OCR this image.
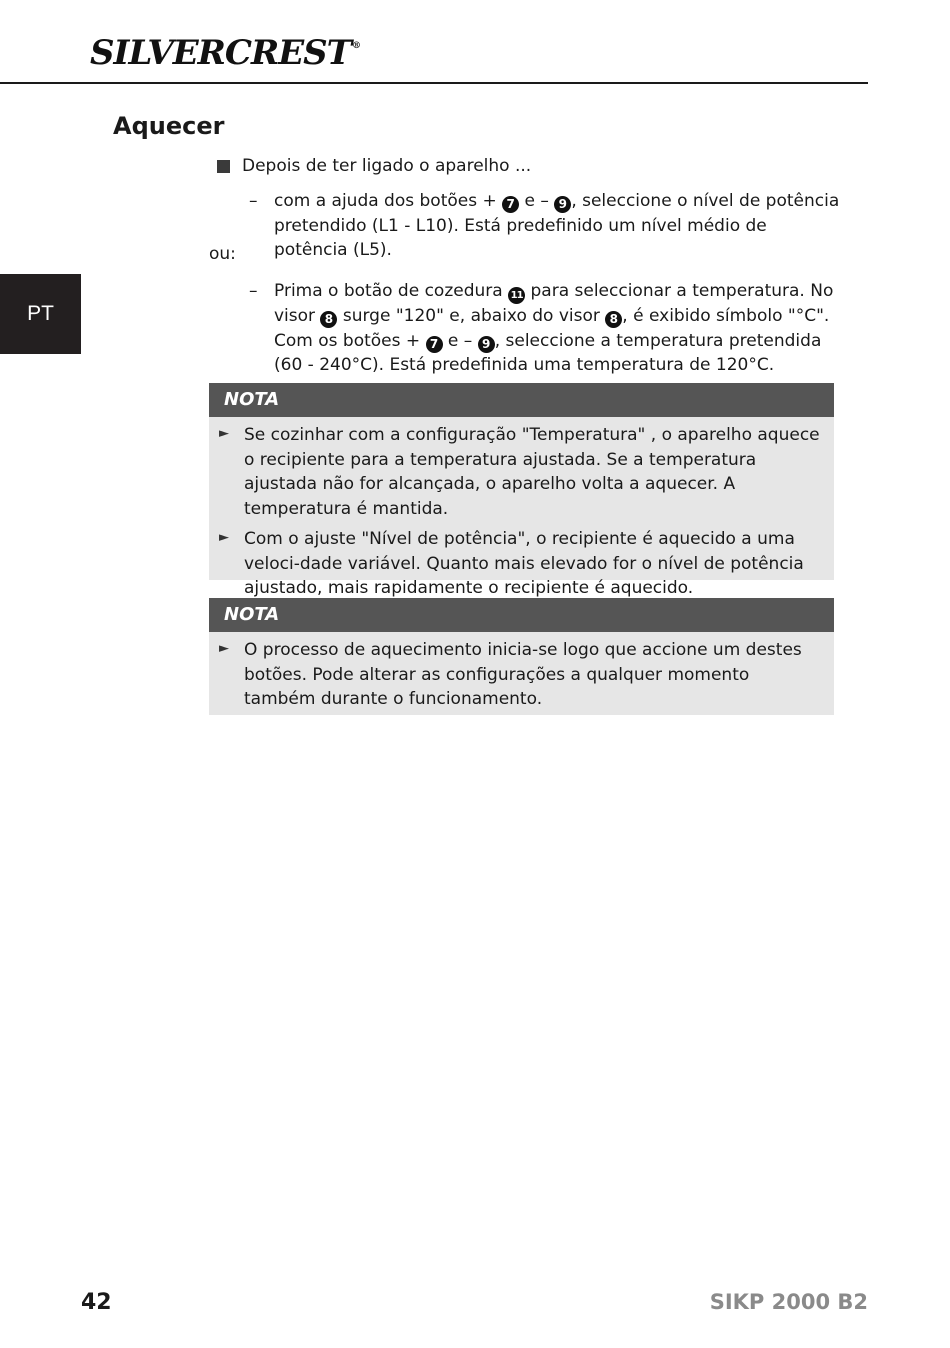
SILVERCREST®
PT
Aquecer
Depois de ter ligado o aparelho ...
– com a ajuda dos botões + 7 e – 9 , seleccione o nível de potência pretendido (L1 - L10). Está predefinido um nível médio de potência (L5).
ou:
– Prima o botão de cozedura 11 para seleccionar a temperatura. No visor 8 surge "120" e, abaixo do visor 8 , é exibido símbolo "°C". Com os botões + 7 e – 9 , seleccione a temperatura pretendida (60 - 240°C). Está predefinida uma temperatura de 120°C.
NOTA
► Se cozinhar com a configuração "Temperatura" , o aparelho aquece o recipiente para a temperatura ajustada. Se a temperatura ajustada não for alcançada, o aparelho volta a aquecer. A temperatura é mantida.
► Com o ajuste "Nível de potência", o recipiente é aquecido a uma veloci-dade variável. Quanto mais elevado for o nível de potência ajustado, mais rapidamente o recipiente é aquecido.
NOTA
► O processo de aquecimento inicia-se logo que accione um destes botões. Pode alterar as configurações a qualquer momento também durante o funcionamento.
42	SIKP 2000 B2
